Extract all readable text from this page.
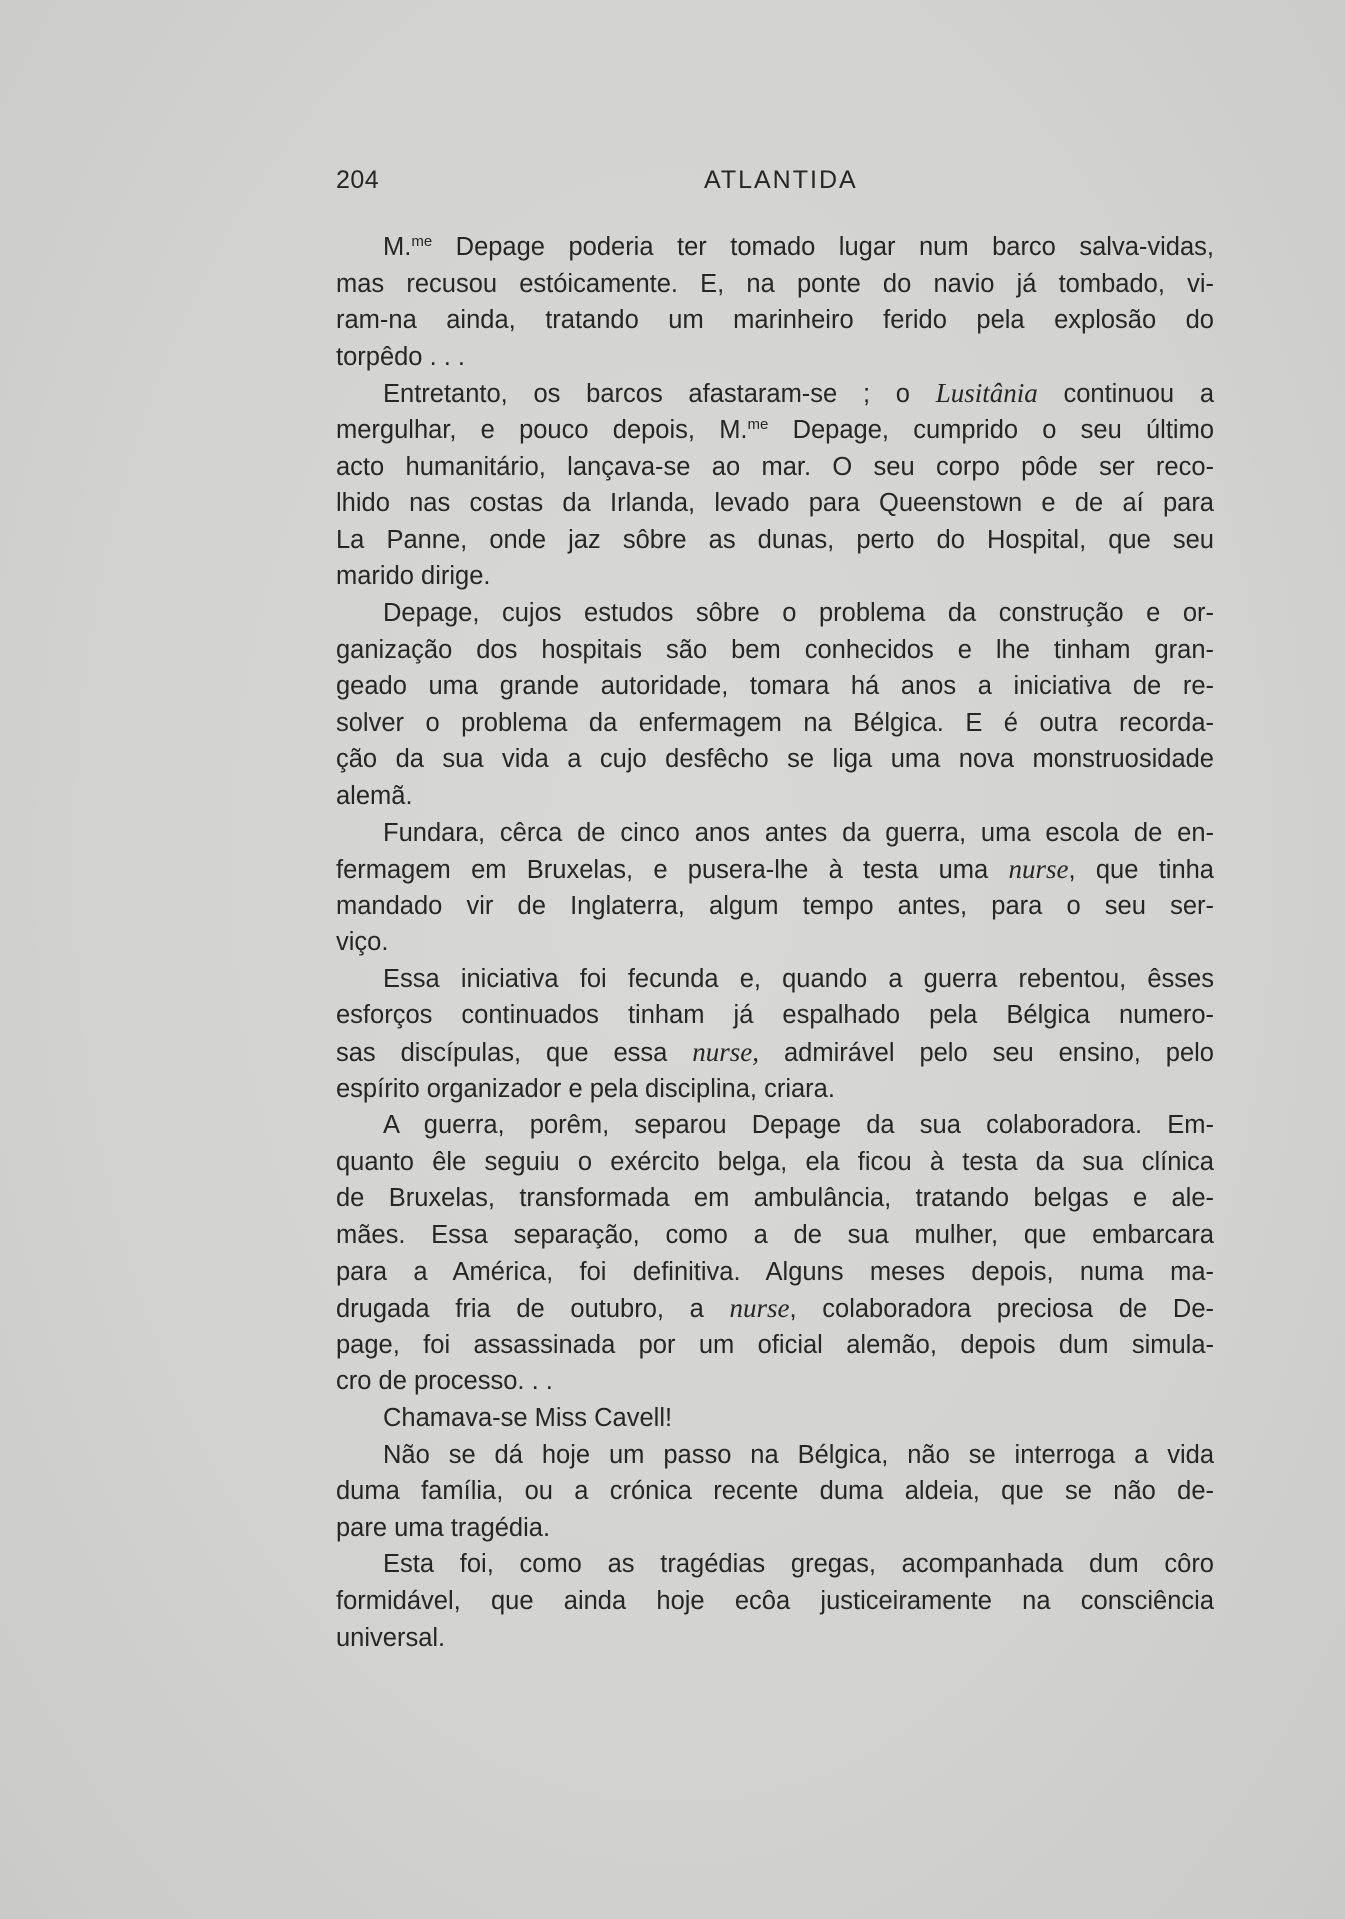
204	ATLANTIDA
M.$^{me}$ Depage poderia ter tomado lugar num barco salva-vidas,
mas recusou estóicamente. E, na ponte do navio já tombado, vi-
ram-na ainda, tratando um marinheiro ferido pela explosão do
torpêdo . . .
Entretanto, os barcos afastaram-se ; o Lusitânia continuou a
mergulhar, e pouco depois, M.$^{me}$ Depage, cumprido o seu último
acto humanitário, lançava-se ao mar. O seu corpo pôde ser reco-
lhido nas costas da Irlanda, levado para Queenstown e de aí para
La Panne, onde jaz sôbre as dunas, perto do Hospital, que seu
marido dirige.
Depage, cujos estudos sôbre o problema da construção e or-
ganização dos hospitais são bem conhecidos e lhe tinham gran-
geado uma grande autoridade, tomara há anos a iniciativa de re-
solver o problema da enfermagem na Bélgica. E é outra recorda-
ção da sua vida a cujo desfêcho se liga uma nova monstruosidade
alemã.
Fundara, cêrca de cinco anos antes da guerra, uma escola de en-
fermagem em Bruxelas, e pusera-lhe à testa uma nurse, que tinha
mandado vir de Inglaterra, algum tempo antes, para o seu ser-
viço.
Essa iniciativa foi fecunda e, quando a guerra rebentou, êsses
esforços continuados tinham já espalhado pela Bélgica numero-
sas discípulas, que essa nurse, admirável pelo seu ensino, pelo
espírito organizador e pela disciplina, criara.
A guerra, porêm, separou Depage da sua colaboradora. Em-
quanto êle seguiu o exército belga, ela ficou à testa da sua clínica
de Bruxelas, transformada em ambulância, tratando belgas e ale-
mães. Essa separação, como a de sua mulher, que embarcara
para a América, foi definitiva. Alguns meses depois, numa ma-
drugada fria de outubro, a nurse, colaboradora preciosa de De-
page, foi assassinada por um oficial alemão, depois dum simula-
cro de processo. . .
Chamava-se Miss Cavell!
Não se dá hoje um passo na Bélgica, não se interroga a vida
duma família, ou a crónica recente duma aldeia, que se não de-
pare uma tragédia.
Esta foi, como as tragédias gregas, acompanhada dum côro
formidável, que ainda hoje ecôa justiceiramente na consciência
universal.
